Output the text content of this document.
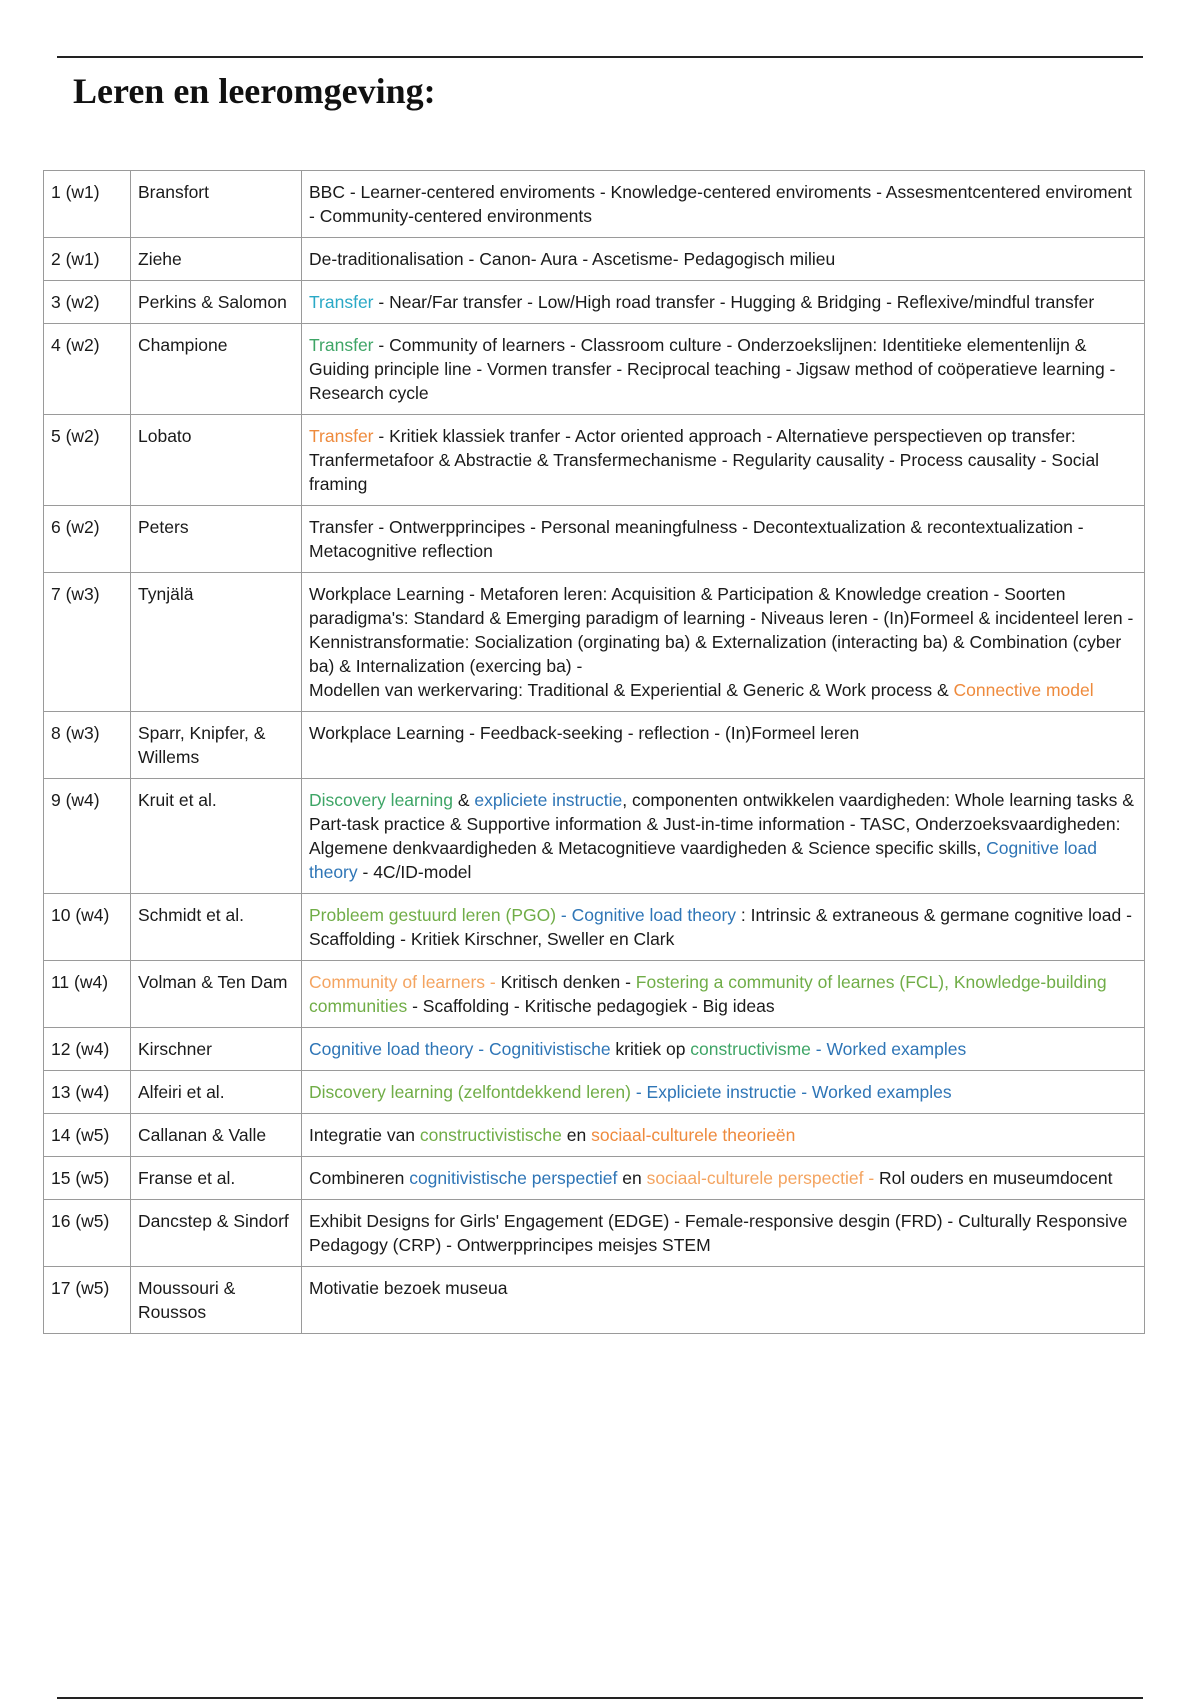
Leren en leeromgeving:
1 (w1)	Bransfort	BBC - Learner-centered enviroments - Knowledge-centered enviroments - Assesmentcentered enviroment - Community-centered environments
2 (w1)	Ziehe	De-traditionalisation - Canon- Aura - Ascetisme- Pedagogisch milieu
3 (w2)	Perkins & Salomon	Transfer - Near/Far transfer - Low/High road transfer - Hugging & Bridging - Reflexive/mindful transfer
4 (w2)	Champione	Transfer - Community of learners - Classroom culture - Onderzoekslijnen: Identitieke elementenlijn & Guiding principle line - Vormen transfer - Reciprocal teaching - Jigsaw method of coöperatieve learning - Research cycle
5 (w2)	Lobato	Transfer - Kritiek klassiek tranfer - Actor oriented approach - Alternatieve perspectieven op transfer: Tranfermetafoor & Abstractie & Transfermechanisme - Regularity causality - Process causality - Social framing
6 (w2)	Peters	Transfer - Ontwerpprincipes - Personal meaningfulness - Decontextualization & recontextualization - Metacognitive reflection
7 (w3)	Tynjälä	Workplace Learning - Metaforen leren: Acquisition & Participation & Knowledge creation - Soorten paradigma's: Standard & Emerging paradigm of learning - Niveaus leren - (In)Formeel & incidenteel leren - Kennistransformatie: Socialization (orginating ba) & Externalization (interacting ba) & Combination (cyber ba) & Internalization (exercing ba) -
Modellen van werkervaring: Traditional & Experiential & Generic & Work process & Connective model
8 (w3)	Sparr, Knipfer, & Willems	Workplace Learning - Feedback-seeking - reflection - (In)Formeel leren
9 (w4)	Kruit et al.	Discovery learning & expliciete instructie, componenten ontwikkelen vaardigheden: Whole learning tasks & Part-task practice & Supportive information & Just-in-time information - TASC, Onderzoeksvaardigheden: Algemene denkvaardigheden & Metacognitieve vaardigheden & Science specific skills, Cognitive load theory - 4C/ID-model
10 (w4)	Schmidt et al.	Probleem gestuurd leren (PGO) - Cognitive load theory : Intrinsic & extraneous & germane cognitive load - Scaffolding - Kritiek Kirschner, Sweller en Clark
11 (w4)	Volman & Ten Dam	Community of learners - Kritisch denken - Fostering a community of learnes (FCL), Knowledge-building communities - Scaffolding - Kritische pedagogiek - Big ideas
12 (w4)	Kirschner	Cognitive load theory - Cognitivistische kritiek op constructivisme - Worked examples
13 (w4)	Alfeiri et al.	Discovery learning (zelfontdekkend leren) - Expliciete instructie - Worked examples
14 (w5)	Callanan & Valle	Integratie van constructivistische en sociaal-culturele theorieën
15 (w5)	Franse et al.	Combineren cognitivistische perspectief en sociaal-culturele perspectief - Rol ouders en museumdocent
16 (w5)	Dancstep & Sindorf	Exhibit Designs for Girls' Engagement (EDGE) - Female-responsive desgin (FRD) - Culturally Responsive Pedagogy (CRP) - Ontwerpprincipes meisjes STEM
17 (w5)	Moussouri & Roussos	Motivatie bezoek museua
